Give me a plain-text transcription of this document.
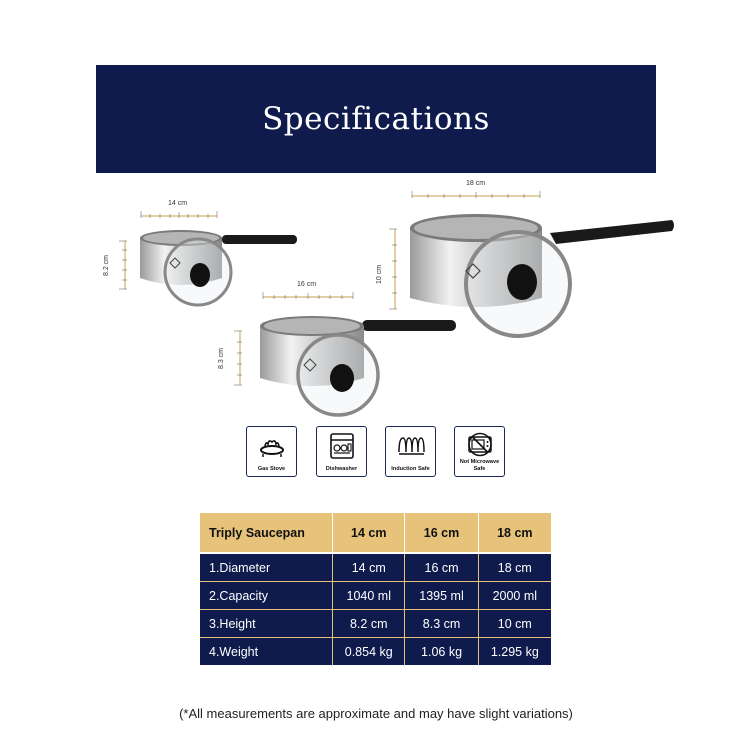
Specifications
14 cm
8.2 cm
16 cm
8.3 cm
18 cm
10 cm
Gas Stove	Dishwasher	Induction Safe
Not Microwave
Safe
Triply Saucepan	14 cm	16 cm	18 cm
1.Diameter	14 cm	16 cm	18 cm
2.Capacity	1040 ml	1395 ml	2000 ml
3.Height	8.2 cm	8.3 cm	10 cm
4.Weight	0.854 kg	1.06 kg	1.295 kg
(*All measurements are approximate and may have slight variations)
